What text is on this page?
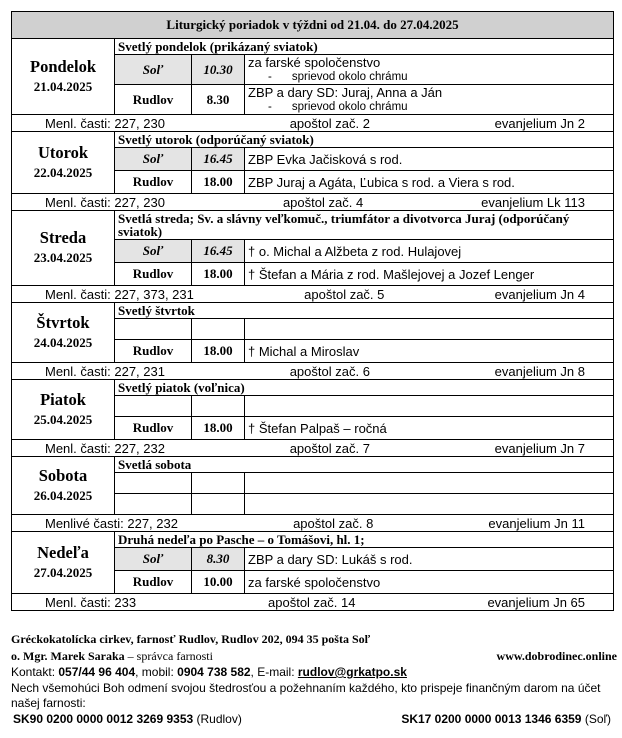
Liturgický poriadok v týždni od 21.04. do 27.04.2025			

Pondelok
21.04.2025	Svetlý pondelok (prikázaný sviatok)		
	Soľ	10.30	za farské spoločenstvo
- sprievod okolo chrámu

	Rudlov	8.30	ZBP a dary SD: Juraj, Anna a Ján
- sprievod okolo chrámu

Menl. časti: 227, 230 apoštol zač. 2 evanjelium Jn 2			

Utorok
22.04.2025	Svetlý utorok (odporúčaný sviatok)		
	Soľ	16.45	ZBP Evka Jačisková s rod.

	Rudlov	18.00	ZBP Juraj a Agáta, Ľubica s rod. a Viera s rod.

Menl. časti: 227, 230 apoštol zač. 4 evanjelium Lk 113			

Streda
23.04.2025	Svetlá streda; Sv. a slávny veľkomuč., triumfátor a divotvorca Juraj (odporúčaný sviatok)		
	Soľ	16.45	† o. Michal a Alžbeta z rod. Hulajovej

	Rudlov	18.00	† Štefan a Mária z rod. Mašlejovej a Jozef Lenger

Menl. časti: 227, 373, 231 apoštol zač. 5 evanjelium Jn 4			

Štvrtok
24.04.2025	Svetlý štvrtok		

	Rudlov	18.00	† Michal a Miroslav

Menl. časti: 227, 231 apoštol zač. 6 evanjelium Jn 8			

Piatok
25.04.2025	Svetlý piatok (voľnica)		

	Rudlov	18.00	† Štefan Palpaš – ročná

Menl. časti: 227, 232 apoštol zač. 7 evanjelium Jn 7			

Sobota
26.04.2025	Svetlá sobota		

Menlivé časti: 227, 232 apoštol zač. 8 evanjelium Jn 11			

Nedeľa
27.04.2025	Druhá nedeľa po Pasche – o Tomášovi, hl. 1;		
	Soľ	8.30	ZBP a dary SD: Lukáš s rod.

	Rudlov	10.00	za farské spoločenstvo

Menl. časti: 233 apoštol zač. 14 evanjelium Jn 65			
Gréckokatolícka cirkev, farnosť Rudlov, Rudlov 202, 094 35 pošta Soľ
o. Mgr. Marek Saraka – správca farnosti	www.dobrodinec.online
Kontakt: 057/44 96 404, mobil: 0904 738 582, E-mail: rudlov@grkatpo.sk
Nech všemohúci Boh odmení svojou štedrosťou a požehnaním každého, kto prispeje finančným darom na účet našej farnosti:
SK90 0200 0000 0012 3269 9353 (Rudlov)	SK17 0200 0000 0013 1346 6359 (Soľ)
